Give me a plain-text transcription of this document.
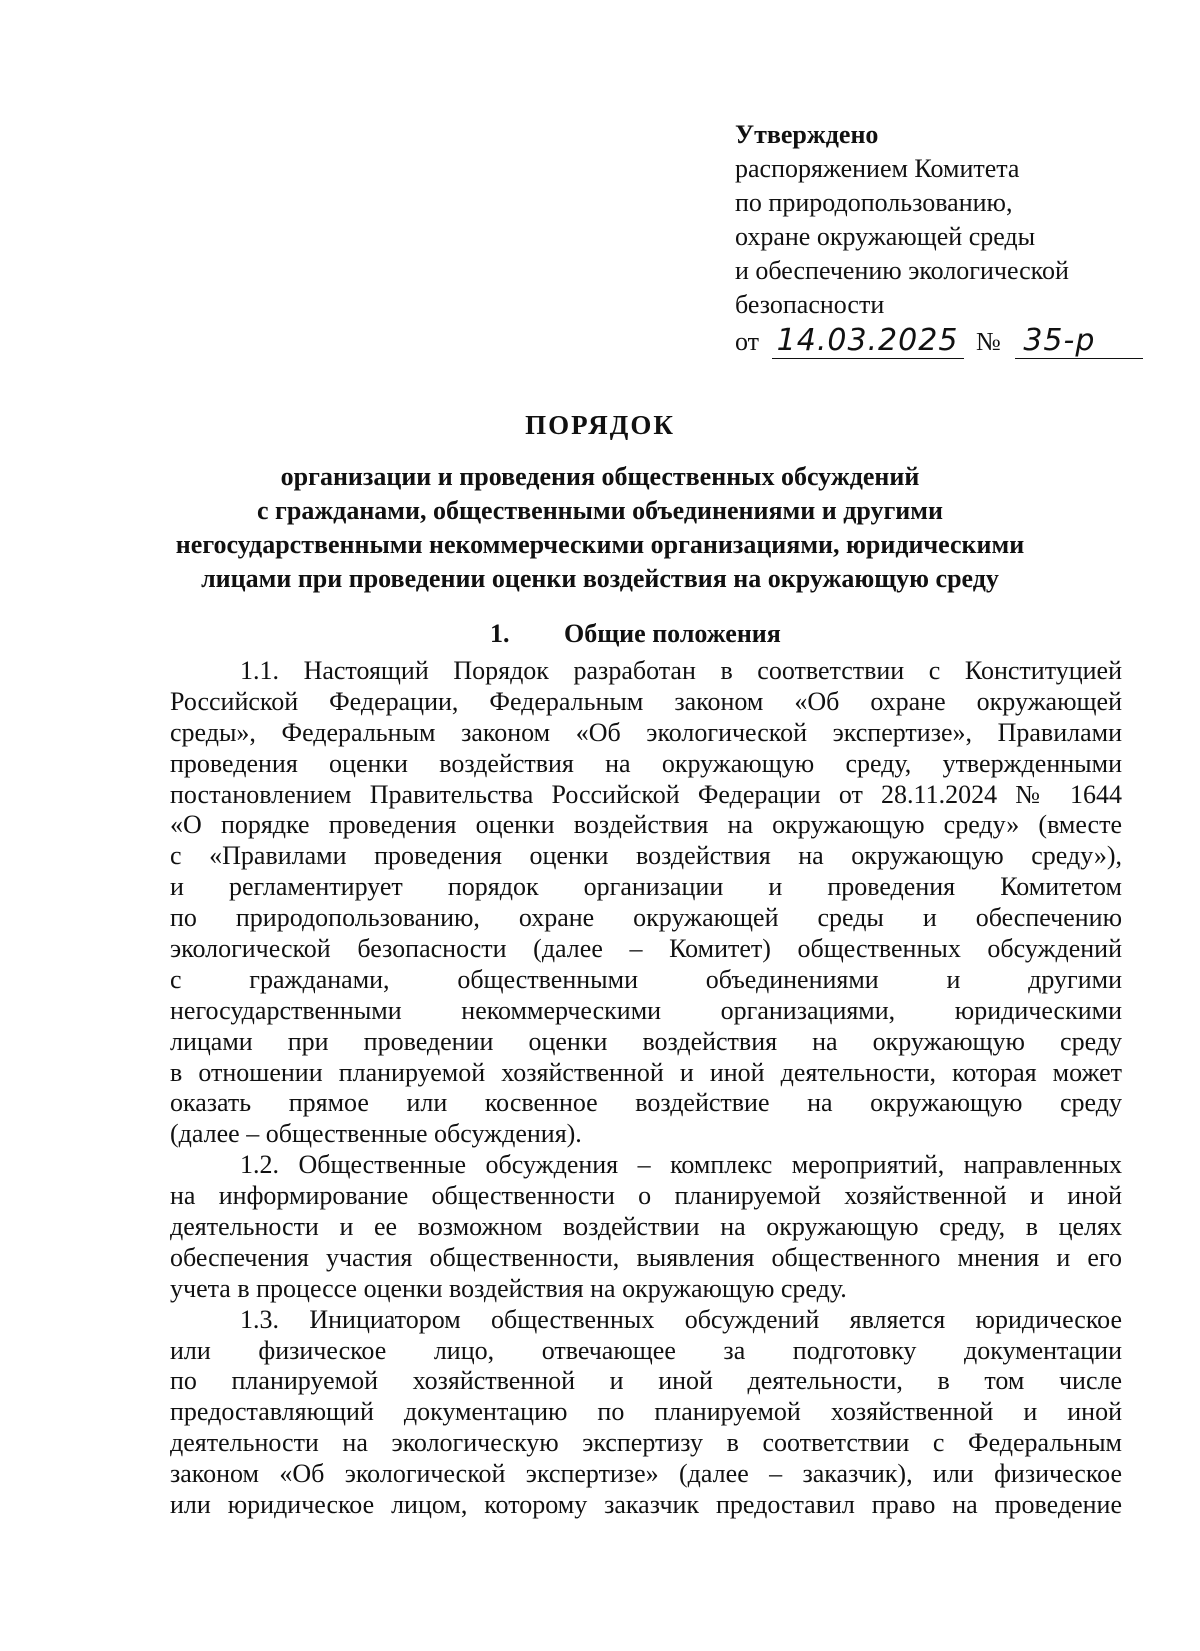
Утверждено
распоряжением Комитета
по природопользованию,
охране окружающей среды
и обеспечению экологической
безопасности
от 14.03.2025 № 35-р
ПОРЯДОК
организации и проведения общественных обсуждений
с гражданами, общественными объединениями и другими
негосударственными некоммерческими организациями, юридическими
лицами при проведении оценки воздействия на окружающую среду
1. Общие положения
1.1. Настоящий Порядок разработан в соответствии с Конституцией
Российской Федерации, Федеральным законом «Об охране окружающей
среды», Федеральным законом «Об экологической экспертизе», Правилами
проведения оценки воздействия на окружающую среду, утвержденными
постановлением Правительства Российской Федерации от 28.11.2024 № 1644
«О порядке проведения оценки воздействия на окружающую среду» (вместе
с «Правилами проведения оценки воздействия на окружающую среду»),
и регламентирует порядок организации и проведения Комитетом
по природопользованию, охране окружающей среды и обеспечению
экологической безопасности (далее – Комитет) общественных обсуждений
с гражданами, общественными объединениями и другими
негосударственными некоммерческими организациями, юридическими
лицами при проведении оценки воздействия на окружающую среду
в отношении планируемой хозяйственной и иной деятельности, которая может
оказать прямое или косвенное воздействие на окружающую среду
(далее – общественные обсуждения).
1.2. Общественные обсуждения – комплекс мероприятий, направленных
на информирование общественности о планируемой хозяйственной и иной
деятельности и ее возможном воздействии на окружающую среду, в целях
обеспечения участия общественности, выявления общественного мнения и его
учета в процессе оценки воздействия на окружающую среду.
1.3. Инициатором общественных обсуждений является юридическое
или физическое лицо, отвечающее за подготовку документации
по планируемой хозяйственной и иной деятельности, в том числе
предоставляющий документацию по планируемой хозяйственной и иной
деятельности на экологическую экспертизу в соответствии с Федеральным
законом «Об экологической экспертизе» (далее – заказчик), или физическое
или юридическое лицом, которому заказчик предоставил право на проведение
